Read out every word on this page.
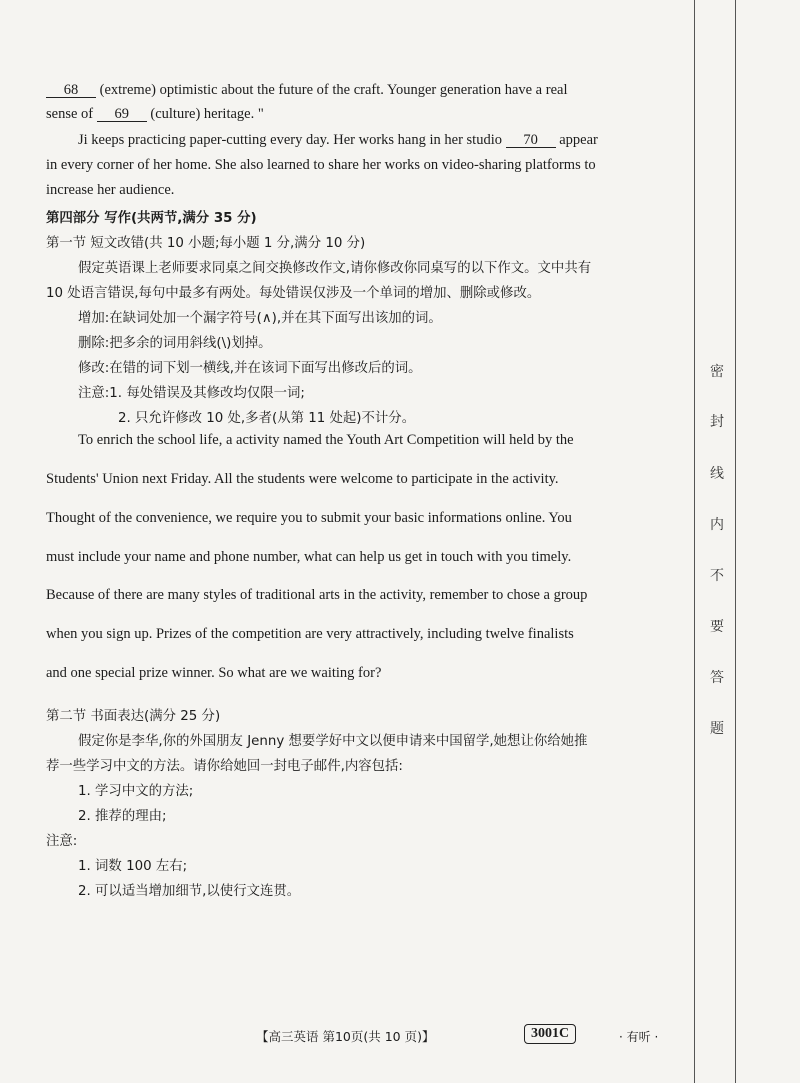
密
封
线
内
不
要
答
题
68 (extreme) optimistic about the future of the craft. Younger generation have a real
sense of 69 (culture) heritage. "
Ji keeps practicing paper-cutting every day. Her works hang in her studio 70 appear
in every corner of her home. She also learned to share her works on video-sharing platforms to
increase her audience.
第四部分 写作(共两节,满分 35 分)
第一节 短文改错(共 10 小题;每小题 1 分,满分 10 分)
假定英语课上老师要求同桌之间交换修改作文,请你修改你同桌写的以下作文。文中共有
10 处语言错误,每句中最多有两处。每处错误仅涉及一个单词的增加、删除或修改。
增加:在缺词处加一个漏字符号(∧),并在其下面写出该加的词。
删除:把多余的词用斜线(\)划掉。
修改:在错的词下划一横线,并在该词下面写出修改后的词。
注意:1. 每处错误及其修改均仅限一词;
2. 只允许修改 10 处,多者(从第 11 处起)不计分。
To enrich the school life, a activity named the Youth Art Competition will held by the
Students' Union next Friday. All the students were welcome to participate in the activity.
Thought of the convenience, we require you to submit your basic informations online. You
must include your name and phone number, what can help us get in touch with you timely.
Because of there are many styles of traditional arts in the activity, remember to chose a group
when you sign up. Prizes of the competition are very attractively, including twelve finalists
and one special prize winner. So what are we waiting for?
第二节 书面表达(满分 25 分)
假定你是李华,你的外国朋友 Jenny 想要学好中文以便申请来中国留学,她想让你给她推
荐一些学习中文的方法。请你给她回一封电子邮件,内容包括:
1. 学习中文的方法;
2. 推荐的理由;
注意:
1. 词数 100 左右;
2. 可以适当增加细节,以使行文连贯。
【高三英语 第10页(共 10 页)】	3001C	· 有听 ·
